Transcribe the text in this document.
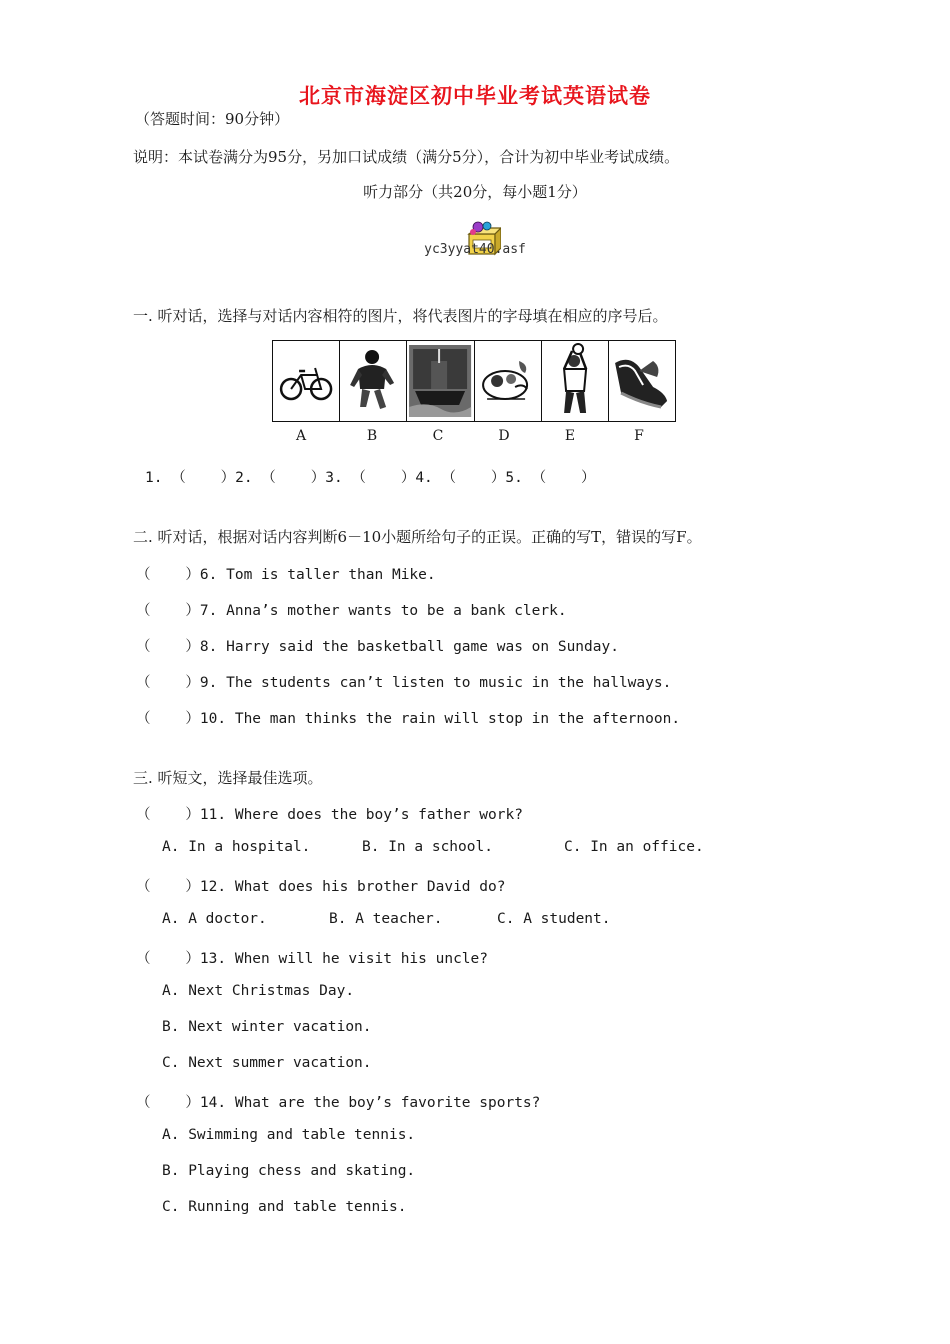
北京市海淀区初中毕业考试英语试卷
（答题时间：90分钟）
说明：本试卷满分为95分，另加口试成绩（满分5分），合计为初中毕业考试成绩。
听力部分（共20分，每小题1分）

yc3yyat40.asf
一. 听对话，选择与对话内容相符的图片，将代表图片的字母填在相应的序号后。

A	B	C	D	E	F
1. （    ）2. （    ）3. （    ）4. （    ）5. （    ）
二. 听对话，根据对话内容判断6－10小题所给句子的正误。正确的写T，错误的写F。
（    ）6. Tom is taller than Mike.
（    ）7. Anna’s mother wants to be a bank clerk.
（    ）8. Harry said the basketball game was on Sunday.
（    ）9. The students can’t listen to music in the hallways.
（    ）10. The man thinks the rain will stop in the afternoon.
三. 听短文，选择最佳选项。
（    ）11. Where does the boy’s father work?
A. In a hospital.	B. In a school.	C. In an office.
（    ）12. What does his brother David do?
A. A doctor.	B. A teacher.	C. A student.
（    ）13. When will he visit his uncle?
A. Next Christmas Day.
B. Next winter vacation.
C. Next summer vacation.
（    ）14. What are the boy’s favorite sports?
A. Swimming and table tennis.
B. Playing chess and skating.
C. Running and table tennis.
